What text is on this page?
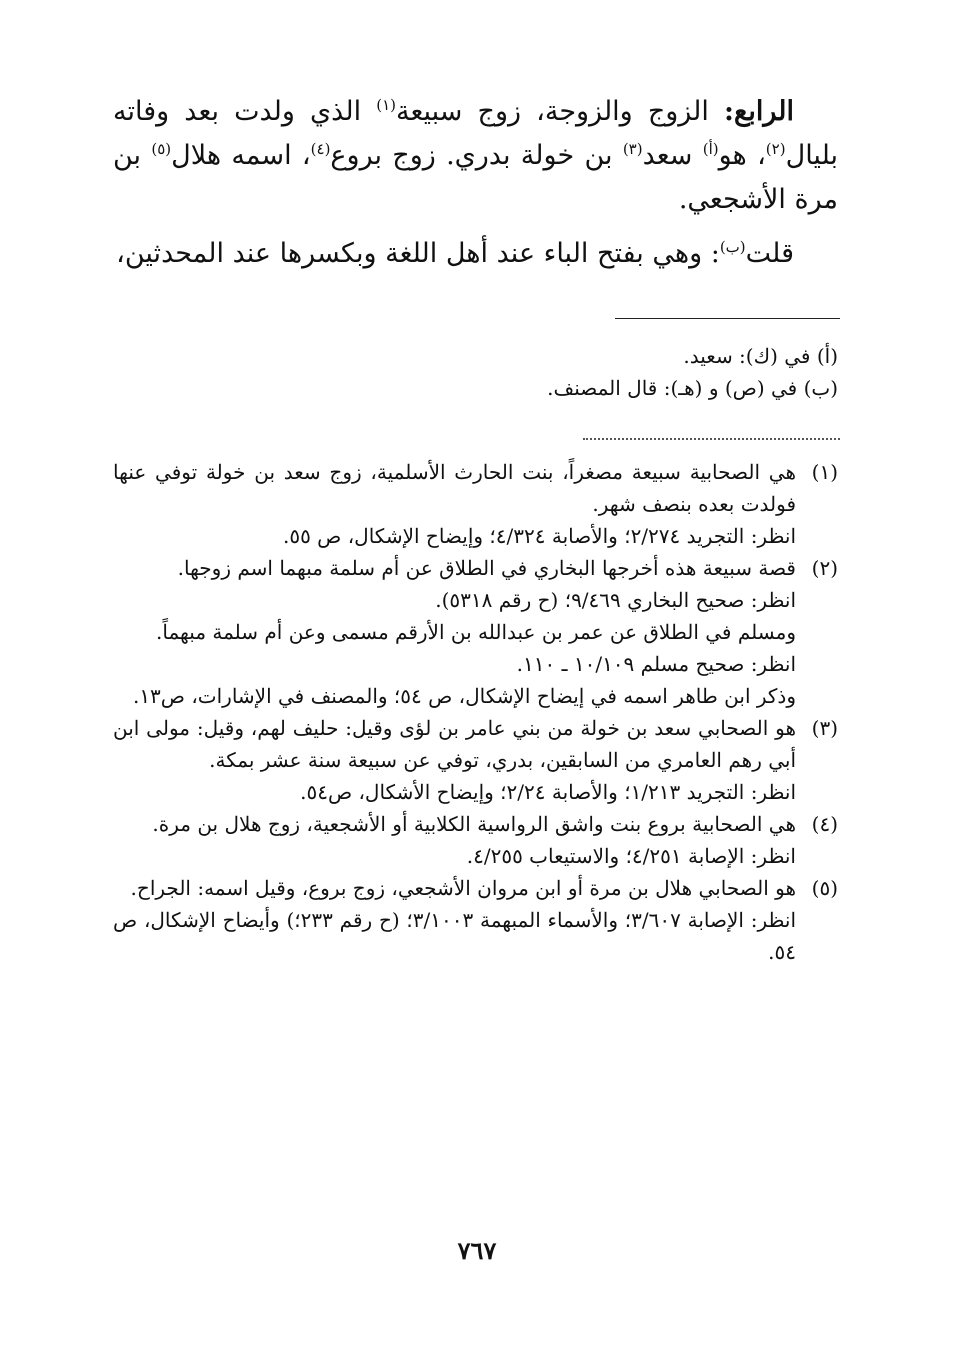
الرابع: الزوج والزوجة، زوج سبيعة$^{(١)}$ الذي ولدت بعد وفاته بليال$^{(٢)}$، هو$^{(أ)}$ سعد$^{(٣)}$ بن خولة بدري. زوج بروع$^{(٤)}$، اسمه هلال$^{(٥)}$ بن مرة الأشجعي.

قلت$^{(ب)}$: وهي بفتح الباء عند أهل اللغة وبكسرها عند المحدثين،

(أ) في (ك): سعيد.
(ب) في (ص) و (هـ): قال المصنف.
(١)
هي الصحابية سبيعة مصغراً، بنت الحارث الأسلمية، زوج سعد بن خولة توفي عنها فولدت بعده بنصف شهر.
انظر: التجريد ٢/٢٧٤؛ والأصابة ٤/٣٢٤؛ وإيضاح الإشكال، ص ٥٥.
(٢)
قصة سبيعة هذه أخرجها البخاري في الطلاق عن أم سلمة مبهما اسم زوجها.
انظر: صحيح البخاري ٩/٤٦٩؛ (ح رقم ٥٣١٨).
ومسلم في الطلاق عن عمر بن عبدالله بن الأرقم مسمى وعن أم سلمة مبهماً.
انظر: صحيح مسلم ١٠/١٠٩ ـ ١١٠.
وذكر ابن طاهر اسمه في إيضاح الإشكال، ص ٥٤؛ والمصنف في الإشارات، ص١٣.
(٣)
هو الصحابي سعد بن خولة من بني عامر بن لؤى وقيل: حليف لهم، وقيل: مولى ابن أبي رهم العامري من السابقين، بدري، توفي عن سبيعة سنة عشر بمكة.
انظر: التجريد ١/٢١٣؛ والأصابة ٢/٢٤؛ وإيضاح الأشكال، ص٥٤.
(٤)
هي الصحابية بروع بنت واشق الرواسية الكلابية أو الأشجعية، زوج هلال بن مرة.
انظر: الإصابة ٤/٢٥١؛ والاستيعاب ٤/٢٥٥.
(٥)
هو الصحابي هلال بن مرة أو ابن مروان الأشجعي، زوج بروع، وقيل اسمه: الجراح.
انظر: الإصابة ٣/٦٠٧؛ والأسماء المبهمة ٣/١٠٠٣؛ (ح رقم ٢٣٣؛) وأيضاح الإشكال، ص ٥٤.
٧٦٧
